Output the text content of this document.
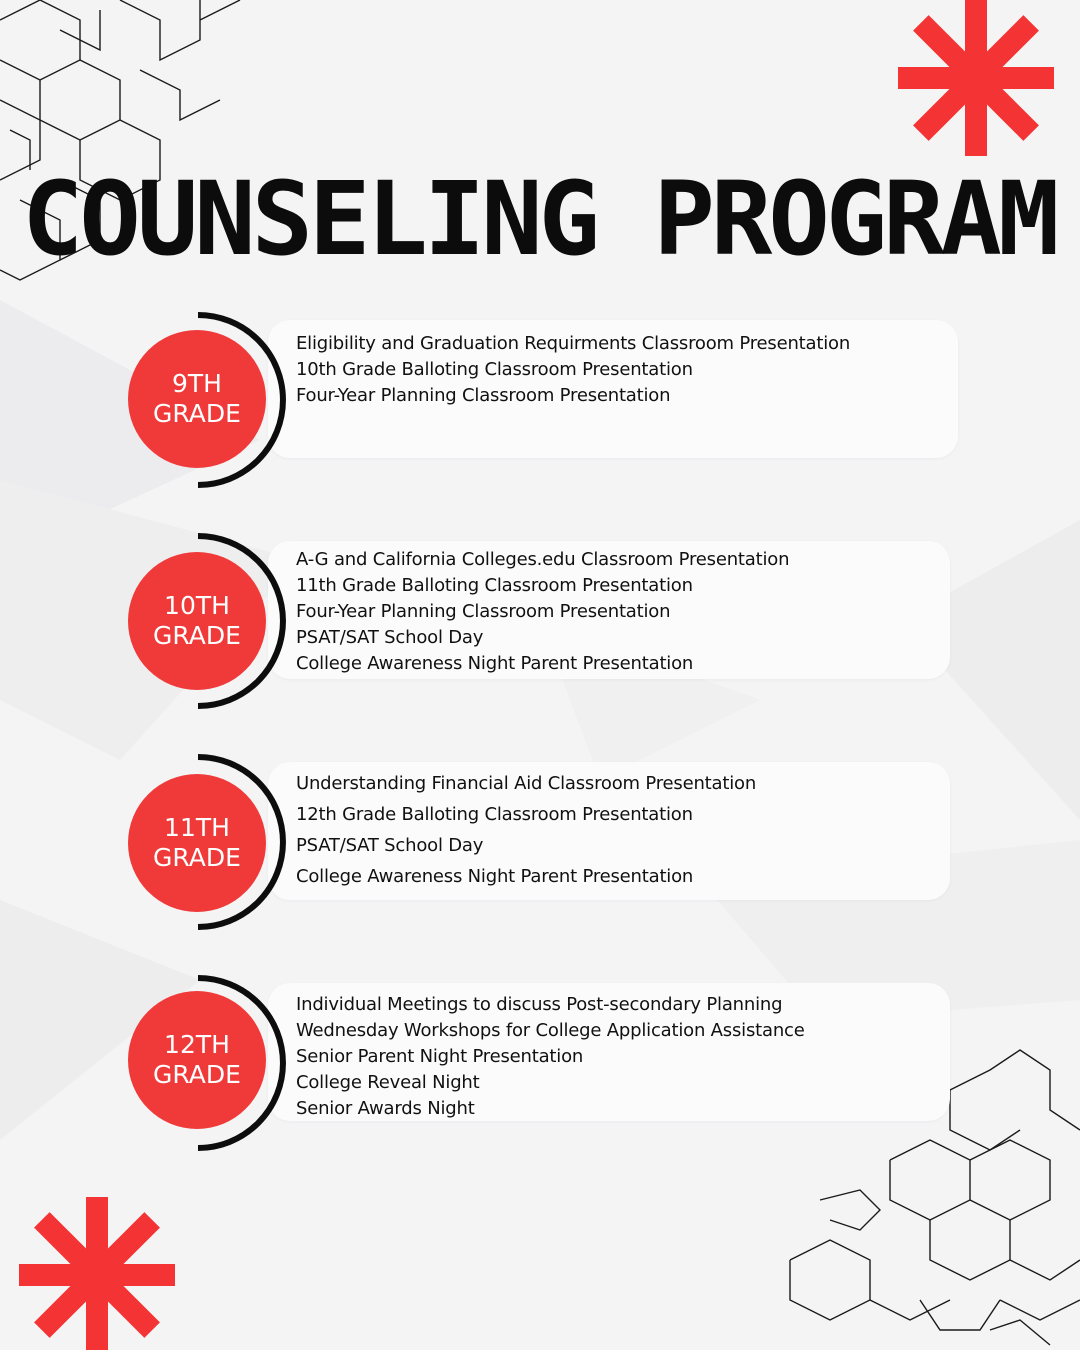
COUNSELING PROGRAM
9TH
GRADE
Eligibility and Graduation Requirments Classroom Presentation
10th Grade Balloting Classroom Presentation
Four-Year Planning Classroom Presentation
10TH
GRADE
A-G and California Colleges.edu Classroom Presentation
11th Grade Balloting Classroom Presentation
Four-Year Planning Classroom Presentation
PSAT/SAT School Day
College Awareness Night Parent Presentation
11TH
GRADE
Understanding Financial Aid Classroom Presentation
12th Grade Balloting Classroom Presentation
PSAT/SAT School Day
College Awareness Night Parent Presentation
12TH
GRADE
Individual Meetings to discuss Post-secondary Planning
Wednesday Workshops for College Application Assistance
Senior Parent Night Presentation
College Reveal Night
Senior Awards Night
